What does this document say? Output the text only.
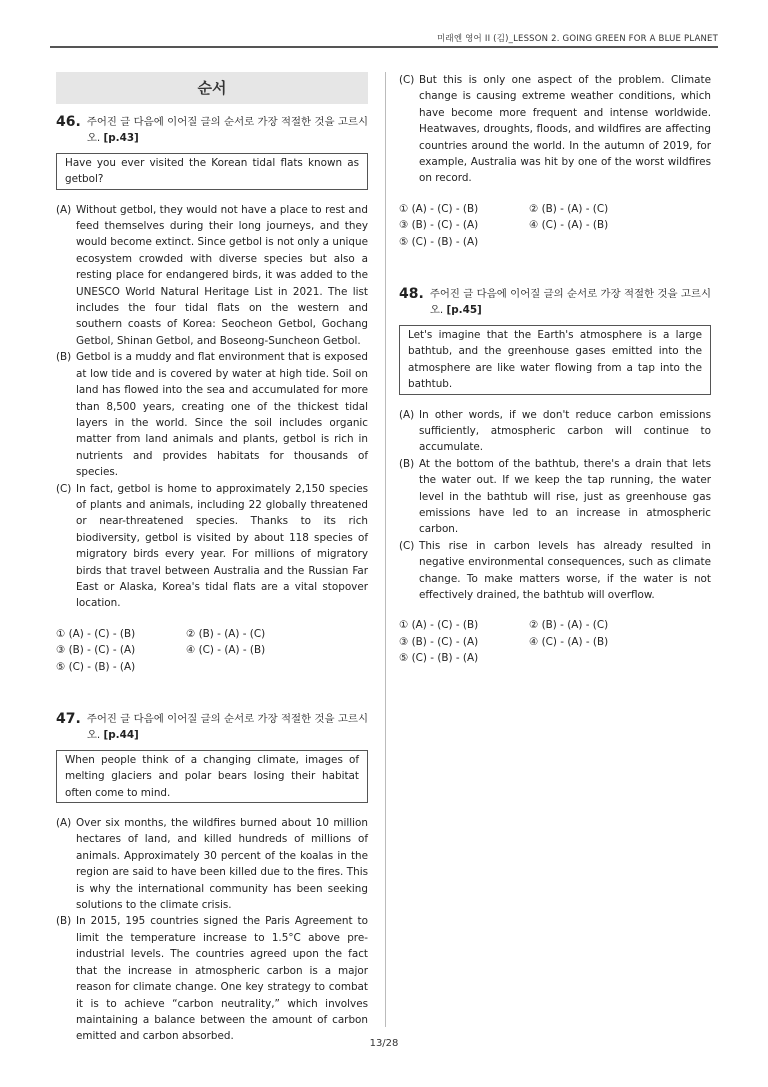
미래엔 영어 II (김)_LESSON 2. GOING GREEN FOR A BLUE PLANET
순서
46. 주어진 글 다음에 이어질 글의 순서로 가장 적절한 것을 고르시오. [p.43]
Have you ever visited the Korean tidal flats known as getbol?
(A) Without getbol, they would not have a place to rest and feed themselves during their long journeys, and they would become extinct. Since getbol is not only a unique ecosystem crowded with diverse species but also a resting place for endangered birds, it was added to the UNESCO World Natural Heritage List in 2021. The list includes the four tidal flats on the western and southern coasts of Korea: Seocheon Getbol, Gochang Getbol, Shinan Getbol, and Boseong-Suncheon Getbol.
(B) Getbol is a muddy and flat environment that is exposed at low tide and is covered by water at high tide. Soil on land has flowed into the sea and accumulated for more than 8,500 years, creating one of the thickest tidal layers in the world. Since the soil includes organic matter from land animals and plants, getbol is rich in nutrients and provides habitats for thousands of species.
(C) In fact, getbol is home to approximately 2,150 species of plants and animals, including 22 globally threatened or near-threatened species. Thanks to its rich biodiversity, getbol is visited by about 118 species of migratory birds every year. For millions of migratory birds that travel between Australia and the Russian Far East or Alaska, Korea's tidal flats are a vital stopover location.
① (A) - (C) - (B)	② (B) - (A) - (C)
③ (B) - (C) - (A)	④ (C) - (A) - (B)
⑤ (C) - (B) - (A)
47. 주어진 글 다음에 이어질 글의 순서로 가장 적절한 것을 고르시오. [p.44]
When people think of a changing climate, images of melting glaciers and polar bears losing their habitat often come to mind.
(A) Over six months, the wildfires burned about 10 million hectares of land, and killed hundreds of millions of animals. Approximately 30 percent of the koalas in the region are said to have been killed due to the fires. This is why the international community has been seeking solutions to the climate crisis.
(B) In 2015, 195 countries signed the Paris Agreement to limit the temperature increase to 1.5°C above pre-industrial levels. The countries agreed upon the fact that the increase in atmospheric carbon is a major reason for climate change. One key strategy to combat it is to achieve “carbon neutrality,” which involves maintaining a balance between the amount of carbon emitted and carbon absorbed.
(C) But this is only one aspect of the problem. Climate change is causing extreme weather conditions, which have become more frequent and intense worldwide. Heatwaves, droughts, floods, and wildfires are affecting countries around the world. In the autumn of 2019, for example, Australia was hit by one of the worst wildfires on record.
① (A) - (C) - (B)	② (B) - (A) - (C)
③ (B) - (C) - (A)	④ (C) - (A) - (B)
⑤ (C) - (B) - (A)
48. 주어진 글 다음에 이어질 글의 순서로 가장 적절한 것을 고르시오. [p.45]
Let's imagine that the Earth's atmosphere is a large bathtub, and the greenhouse gases emitted into the atmosphere are like water flowing from a tap into the bathtub.
(A) In other words, if we don't reduce carbon emissions sufficiently, atmospheric carbon will continue to accumulate.
(B) At the bottom of the bathtub, there's a drain that lets the water out. If we keep the tap running, the water level in the bathtub will rise, just as greenhouse gas emissions have led to an increase in atmospheric carbon.
(C) This rise in carbon levels has already resulted in negative environmental consequences, such as climate change. To make matters worse, if the water is not effectively drained, the bathtub will overflow.
① (A) - (C) - (B)	② (B) - (A) - (C)
③ (B) - (C) - (A)	④ (C) - (A) - (B)
⑤ (C) - (B) - (A)
13/28
